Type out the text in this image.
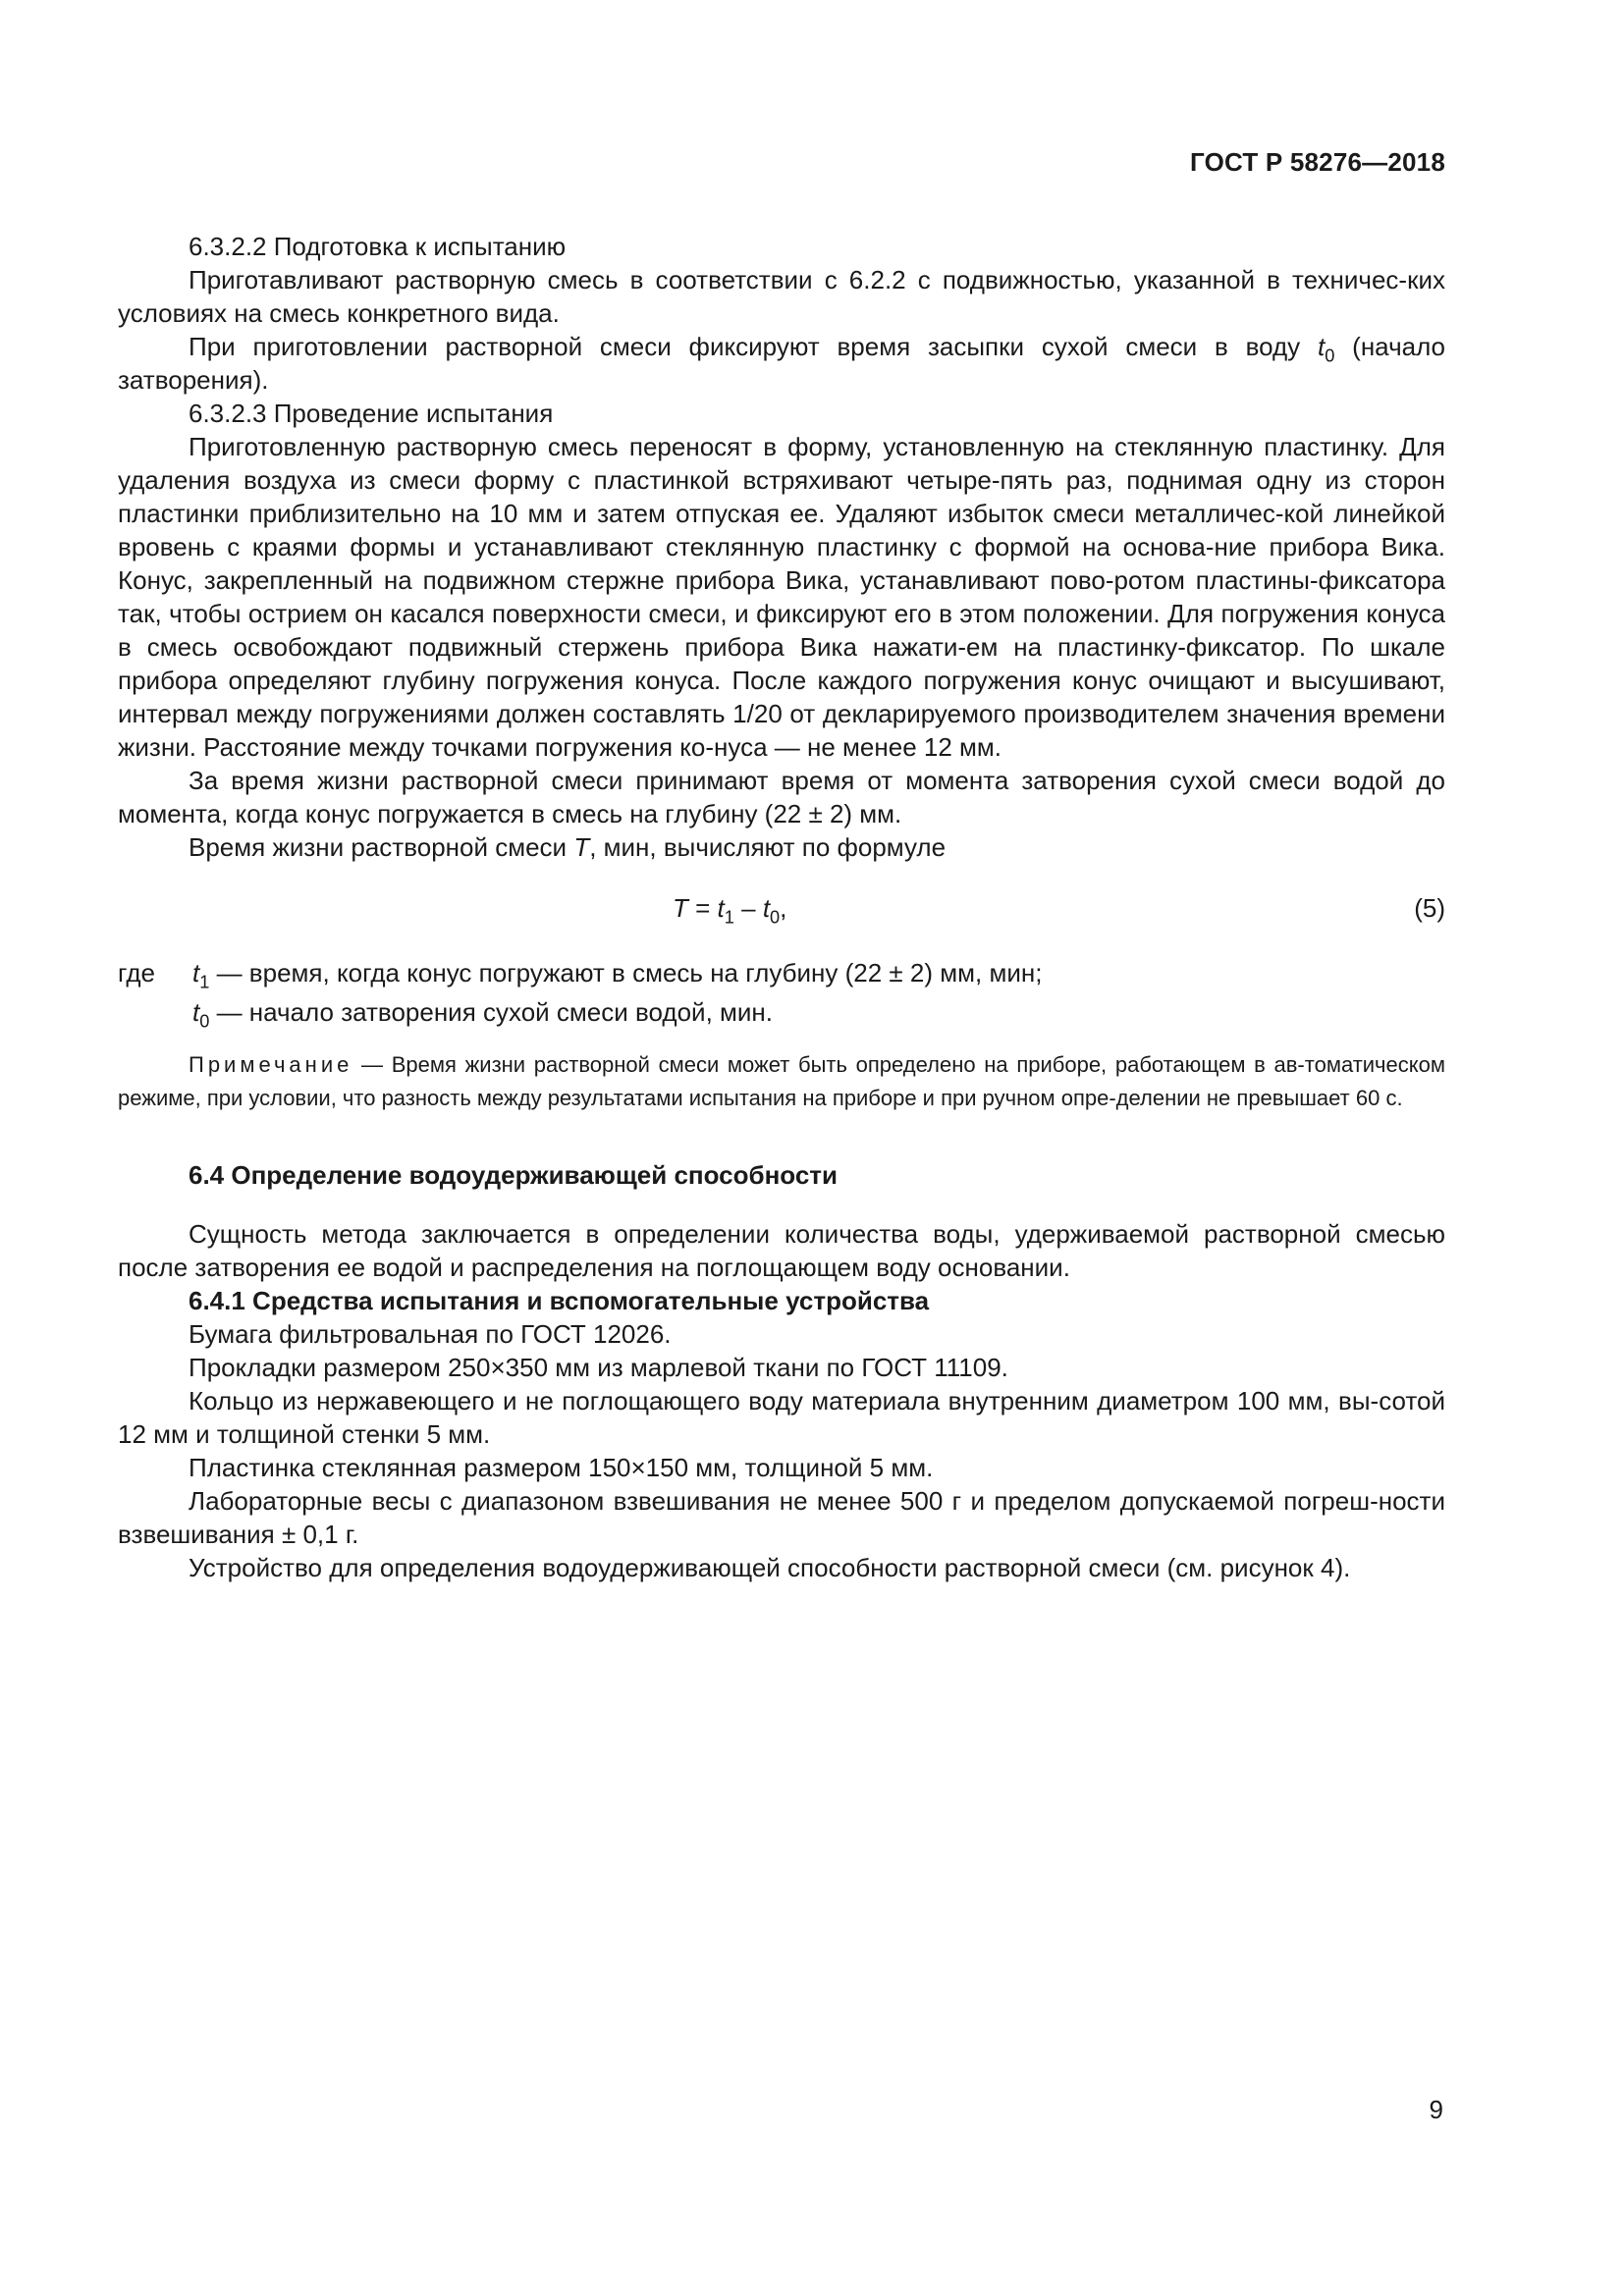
ГОСТ Р 58276—2018

6.3.2.2 Подготовка к испытанию

Приготавливают растворную смесь в соответствии с 6.2.2 с подвижностью, указанной в техничес-ких условиях на смесь конкретного вида.

При приготовлении растворной смеси фиксируют время засыпки сухой смеси в воду $t_0$ (начало затворения).

6.3.2.3 Проведение испытания

Приготовленную растворную смесь переносят в форму, установленную на стеклянную пластинку. Для удаления воздуха из смеси форму с пластинкой встряхивают четыре-пять раз, поднимая одну из сторон пластинки приблизительно на 10 мм и затем отпуская ее. Удаляют избыток смеси металличес-кой линейкой вровень с краями формы и устанавливают стеклянную пластинку с формой на основа-ние прибора Вика. Конус, закрепленный на подвижном стержне прибора Вика, устанавливают пово-ротом пластины-фиксатора так, чтобы острием он касался поверхности смеси, и фиксируют его в этом положении. Для погружения конуса в смесь освобождают подвижный стержень прибора Вика нажати-ем на пластинку-фиксатор. По шкале прибора определяют глубину погружения конуса. После каждого погружения конус очищают и высушивают, интервал между погружениями должен составлять 1/20 от декларируемого производителем значения времени жизни. Расстояние между точками погружения ко-нуса — не менее 12 мм.

За время жизни растворной смеси принимают время от момента затворения сухой смеси водой до момента, когда конус погружается в смесь на глубину (22 ± 2) мм.

Время жизни растворной смеси T, мин, вычисляют по формуле

$T = t_1 - t_0$,	(5)
где $t_1$ — время, когда конус погружают в смесь на глубину (22 ± 2) мм, мин;
$t_0$ — начало затворения сухой смеси водой, мин.

Примечание — Время жизни растворной смеси может быть определено на приборе, работающем в ав-томатическом режиме, при условии, что разность между результатами испытания на приборе и при ручном опре-делении не превышает 60 с.

6.4 Определение водоудерживающей способности

Сущность метода заключается в определении количества воды, удерживаемой растворной смесью после затворения ее водой и распределения на поглощающем воду основании.

6.4.1 Средства испытания и вспомогательные устройства

Бумага фильтровальная по ГОСТ 12026.

Прокладки размером 250×350 мм из марлевой ткани по ГОСТ 11109.

Кольцо из нержавеющего и не поглощающего воду материала внутренним диаметром 100 мм, вы-сотой 12 мм и толщиной стенки 5 мм.

Пластинка стеклянная размером 150×150 мм, толщиной 5 мм.

Лабораторные весы с диапазоном взвешивания не менее 500 г и пределом допускаемой погреш-ности взвешивания ± 0,1 г.

Устройство для определения водоудерживающей способности растворной смеси (см. рисунок 4).

9
